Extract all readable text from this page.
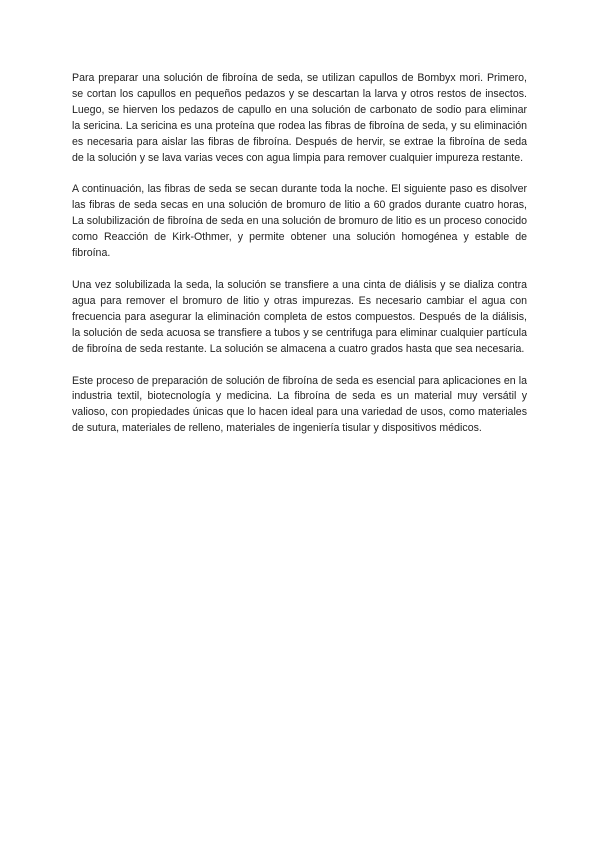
Para preparar una solución de fibroína de seda, se utilizan capullos de Bombyx mori. Primero, se cortan los capullos en pequeños pedazos y se descartan la larva y otros restos de insectos. Luego, se hierven los pedazos de capullo en una solución de carbonato de sodio para eliminar la sericina. La sericina es una proteína que rodea las fibras de fibroína de seda, y su eliminación es necesaria para aislar las fibras de fibroína. Después de hervir, se extrae la fibroína de seda de la solución y se lava varias veces con agua limpia para remover cualquier impureza restante.

A continuación, las fibras de seda se secan durante toda la noche. El siguiente paso es disolver las fibras de seda secas en una solución de bromuro de litio a 60 grados durante cuatro horas, La solubilización de fibroína de seda en una solución de bromuro de litio es un proceso conocido como Reacción de Kirk-Othmer, y permite obtener una solución homogénea y estable de fibroína.

Una vez solubilizada la seda, la solución se transfiere a una cinta de diálisis y se dializa contra agua para remover el bromuro de litio y otras impurezas. Es necesario cambiar el agua con frecuencia para asegurar la eliminación completa de estos compuestos. Después de la diálisis, la solución de seda acuosa se transfiere a tubos y se centrifuga para eliminar cualquier partícula de fibroína de seda restante. La solución se almacena a cuatro grados hasta que sea necesaria.

Este proceso de preparación de solución de fibroína de seda es esencial para aplicaciones en la industria textil, biotecnología y medicina. La fibroína de seda es un material muy versátil y valioso, con propiedades únicas que lo hacen ideal para una variedad de usos, como materiales de sutura, materiales de relleno, materiales de ingeniería tisular y dispositivos médicos.
